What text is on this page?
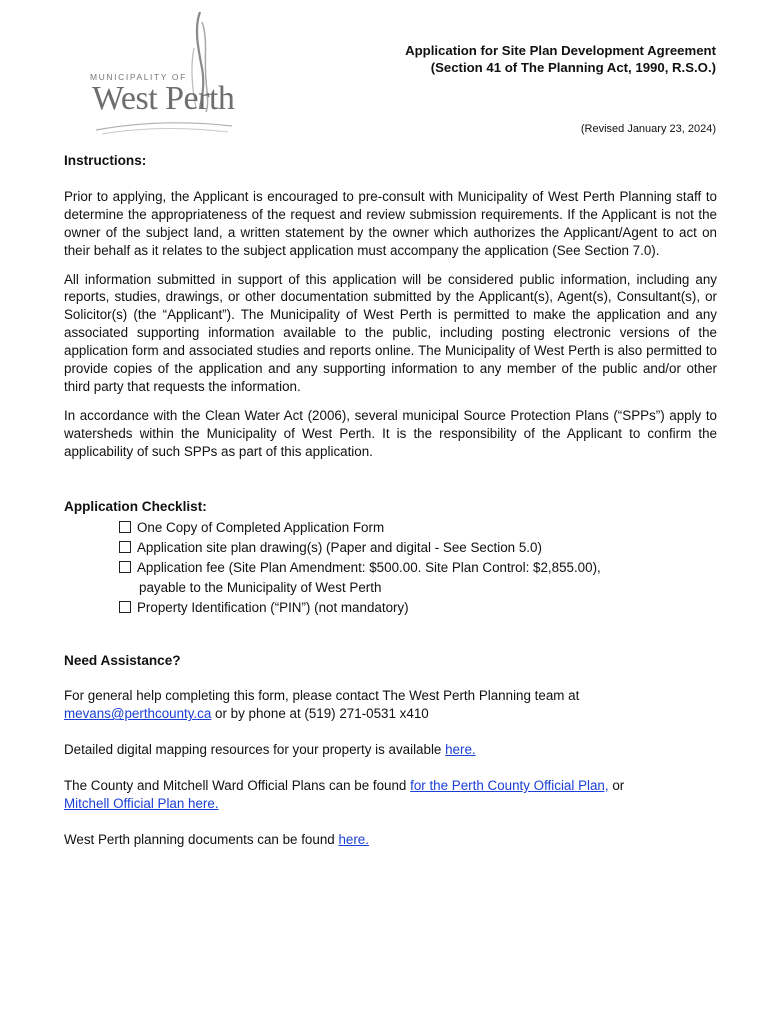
MUNICIPALITY OF
West Perth
Application for Site Plan Development Agreement
(Section 41 of The Planning Act, 1990, R.S.O.)
(Revised January 23, 2024)
Instructions:

Prior to applying, the Applicant is encouraged to pre-consult with Municipality of West Perth Planning staff to determine the appropriateness of the request and review submission requirements. If the Applicant is not the owner of the subject land, a written statement by the owner which authorizes the Applicant/Agent to act on their behalf as it relates to the subject application must accompany the application (See Section 7.0).

All information submitted in support of this application will be considered public information, including any reports, studies, drawings, or other documentation submitted by the Applicant(s), Agent(s), Consultant(s), or Solicitor(s) (the “Applicant”). The Municipality of West Perth is permitted to make the application and any associated supporting information available to the public, including posting electronic versions of the application form and associated studies and reports online. The Municipality of West Perth is also permitted to provide copies of the application and any supporting information to any member of the public and/or other third party that requests the information.

In accordance with the Clean Water Act (2006), several municipal Source Protection Plans (“SPPs”) apply to watersheds within the Municipality of West Perth. It is the responsibility of the Applicant to confirm the applicability of such SPPs as part of this application.

Application Checklist:
One Copy of Completed Application Form
Application site plan drawing(s) (Paper and digital - See Section 5.0)
Application fee (Site Plan Amendment: $500.00. Site Plan Control: $2,855.00),
payable to the Municipality of West Perth
Property Identification (“PIN”) (not mandatory)
Need Assistance?

For general help completing this form, please contact The West Perth Planning team at
mevans@perthcounty.ca or by phone at (519) 271-0531 x410

Detailed digital mapping resources for your property is available here.

The County and Mitchell Ward Official Plans can be found for the Perth County Official Plan, or
Mitchell Official Plan here.

West Perth planning documents can be found here.
